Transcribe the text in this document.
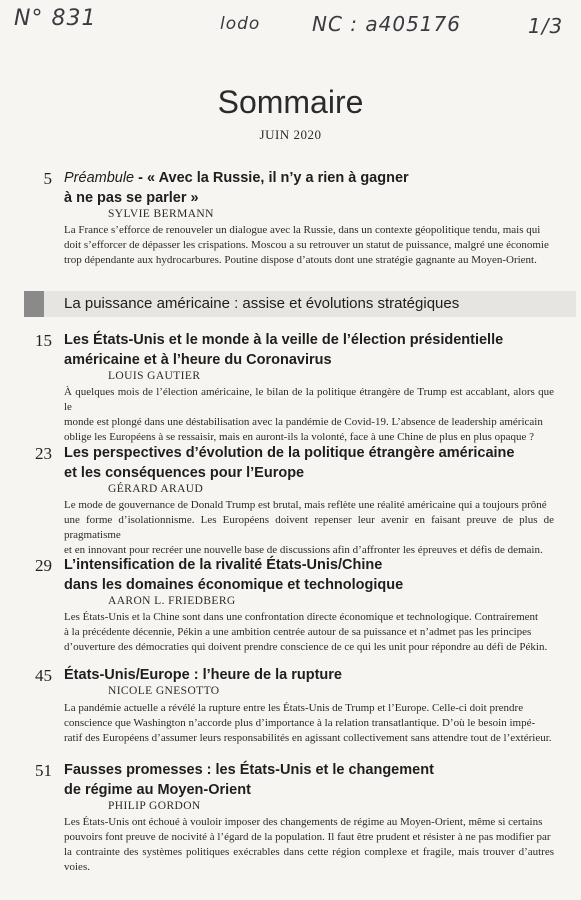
N° 831	lodo	NC : a405176	1/3
Sommaire
JUIN 2020
5 Préambule - « Avec la Russie, il n’y a rien à gagner
à ne pas se parler »
SYLVIE BERMANN
La France s’efforce de renouveler un dialogue avec la Russie, dans un contexte géopolitique tendu, mais qui
doit s’efforcer de dépasser les crispations. Moscou a su retrouver un statut de puissance, malgré une économie
trop dépendante aux hydrocarbures. Poutine dispose d’atouts dont une stratégie gagnante au Moyen-Orient.
La puissance américaine : assise et évolutions stratégiques
15 Les États-Unis et le monde à la veille de l’élection présidentielle
américaine et à l’heure du Coronavirus
LOUIS GAUTIER
À quelques mois de l’élection américaine, le bilan de la politique étrangère de Trump est accablant, alors que le
monde est plongé dans une déstabilisation avec la pandémie de Covid-19. L’absence de leadership américain
oblige les Européens à se ressaisir, mais en auront-ils la volonté, face à une Chine de plus en plus opaque ?
23 Les perspectives d’évolution de la politique étrangère américaine
et les conséquences pour l’Europe
GÉRARD ARAUD
Le mode de gouvernance de Donald Trump est brutal, mais reflète une réalité américaine qui a toujours prôné
une forme d’isolationnisme. Les Européens doivent repenser leur avenir en faisant preuve de plus de pragmatisme
et en innovant pour recréer une nouvelle base de discussions afin d’affronter les épreuves et défis de demain.
29 L’intensification de la rivalité États-Unis/Chine
dans les domaines économique et technologique
AARON L. FRIEDBERG
Les États-Unis et la Chine sont dans une confrontation directe économique et technologique. Contrairement
à la précédente décennie, Pékin a une ambition centrée autour de sa puissance et n’admet pas les principes
d’ouverture des démocraties qui doivent prendre conscience de ce qui les unit pour répondre au défi de Pékin.
45 États-Unis/Europe : l’heure de la rupture
NICOLE GNESOTTO
La pandémie actuelle a révélé la rupture entre les États-Unis de Trump et l’Europe. Celle-ci doit prendre
conscience que Washington n’accorde plus d’importance à la relation transatlantique. D’où le besoin impé-
ratif des Européens d’assumer leurs responsabilités en agissant collectivement sans attendre tout de l’extérieur.
51 Fausses promesses : les États-Unis et le changement
de régime au Moyen-Orient
PHILIP GORDON
Les États-Unis ont échoué à vouloir imposer des changements de régime au Moyen-Orient, même si certains
pouvoirs font preuve de nocivité à l’égard de la population. Il faut être prudent et résister à ne pas modifier par
la contrainte des systèmes politiques exécrables dans cette région complexe et fragile, mais trouver d’autres voies.
